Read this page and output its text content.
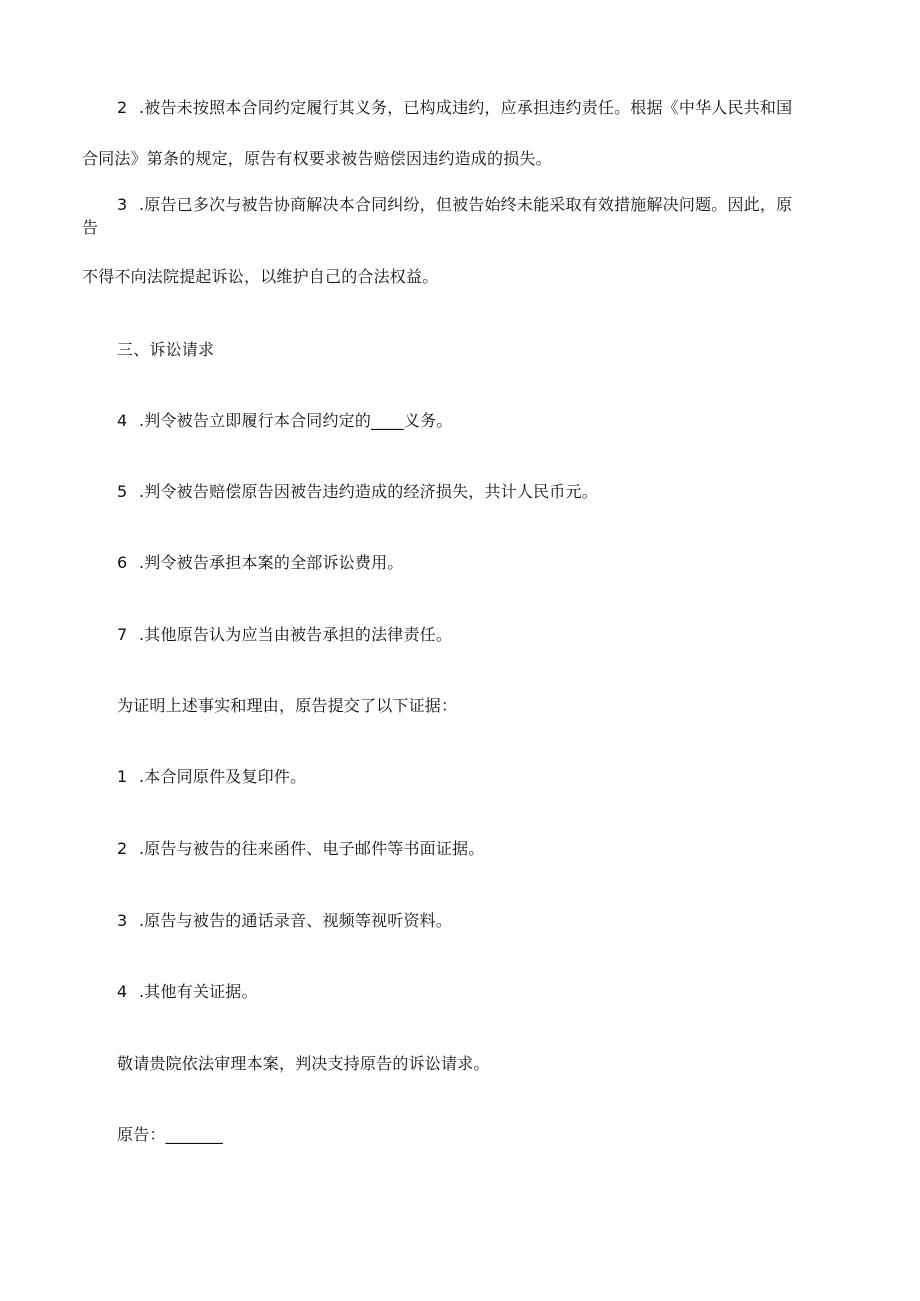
2 .被告未按照本合同约定履行其义务，已构成违约，应承担违约责任。根据《中华人民共和国
合同法》第条的规定，原告有权要求被告赔偿因违约造成的损失。
3 .原告已多次与被告协商解决本合同纠纷，但被告始终未能采取有效措施解决问题。因此，原
告
不得不向法院提起诉讼，以维护自己的合法权益。
三、诉讼请求
4 .判令被告立即履行本合同约定的____义务。
5 .判令被告赔偿原告因被告违约造成的经济损失，共计人民币元。
6 .判令被告承担本案的全部诉讼费用。
7 .其他原告认为应当由被告承担的法律责任。
为证明上述事实和理由，原告提交了以下证据：
1 .本合同原件及复印件。
2 .原告与被告的往来函件、电子邮件等书面证据。
3 .原告与被告的通话录音、视频等视听资料。
4 .其他有关证据。
敬请贵院依法审理本案，判决支持原告的诉讼请求。
原告：_______
